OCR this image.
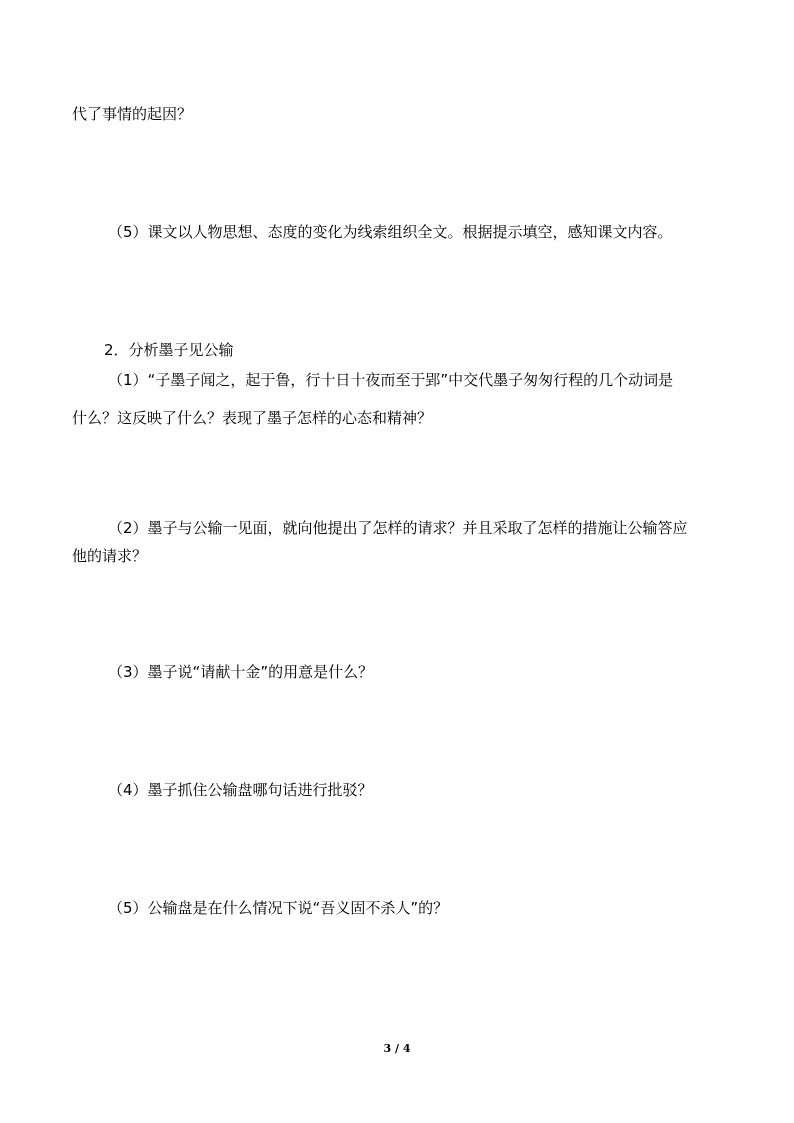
代了事情的起因？
（5）课文以人物思想、态度的变化为线索组织全文。根据提示填空，感知课文内容。
2．分析墨子见公输
（1）“子墨子闻之，起于鲁，行十日十夜而至于郢”中交代墨子匆匆行程的几个动词是
什么？这反映了什么？表现了墨子怎样的心态和精神？
（2）墨子与公输一见面，就向他提出了怎样的请求？并且采取了怎样的措施让公输答应
他的请求？
（3）墨子说“请献十金”的用意是什么？
（4）墨子抓住公输盘哪句话进行批驳？
（5）公输盘是在什么情况下说“吾义固不杀人”的？
3 / 4
